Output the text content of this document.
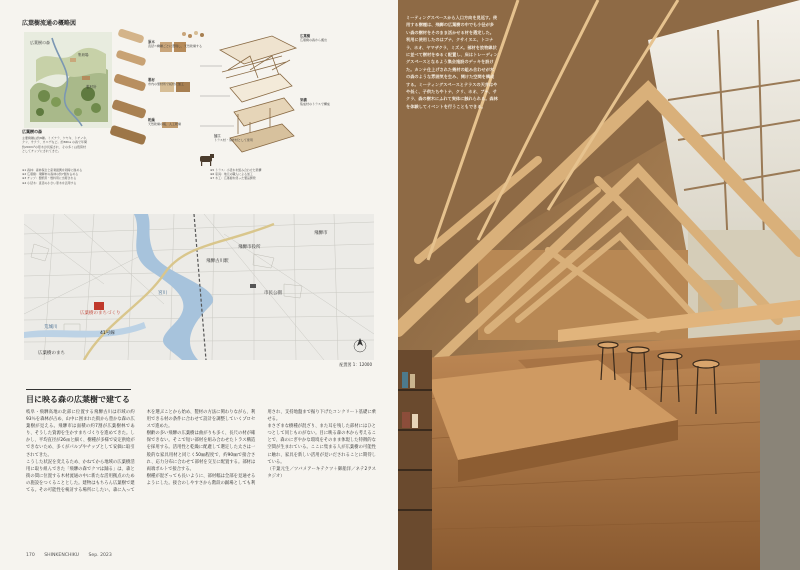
広葉樹流通の概略図
広葉樹の森
集荷場
製材所
広葉樹の森
主要樹種は約8種。ミズナラ、ケヤキ、トチノキ、
クリ、サクラ、カエデなど。約36ha の森で年間
約200m³の原木が伐採され、その多くは低質材
としてチップにされてきた。
原木
直径・樹種ごとに選別し、天然乾燥する
製材
市内の製材所で板材に加工
乾燥
天然乾燥の後、人工乾燥
加工
トラス材・造作材として使用
広葉樹
広葉樹の森から搬出
架構
集成材のトラスで構成
※1 森林：森林保全と産業振興を同時に進める
※2 広葉樹：飛騨市の森林の約7割を占める
※3 チップ：製紙用・燃料用に出荷される
※4 小径木：直径の小さい原木を活用する
※5 トラス：小径木を組み合わせた架構
※6 家具：地元の職人による加工
※7 木工：広葉樹を使った製品開発
飛騨市役所
飛騨古川駅
広葉樹のまちづくり
宮川
荒城川
41号線
市民公園
広葉樹のまち
飛騨市
配置図 1：12000
目に映る森の広葉樹で建てる

岐阜・飛騨高地の北部に位置する飛騨古川は市域の約93％を森林が占め、山中に囲まれた街から豊かな森の広葉樹が見える。飛騨市は面積の約7割が広葉樹林であり、そうした資源を生かすまちづくりを進めてきた。しかし、平均直径が26㎝と細く、樹種が多様で安定供給ができないため、多くがパルプやチップとして安価に取引されてきた。

こうした状況を変えるため、かねてから地域の広葉樹活用に取り組んできた「飛騨の森でクマは踊る」は、森と街の間に位置する木材流通の中に新たな活用拠点のための施設をつくることとした。建物はもちろん広葉樹で建てる。その可能性を検討する場所にしたい。森に入って木を選ぶことから始め、製材の方法に関わりながら、利用できる材の条件に合わせて設計を調整していくプロセスで進めた。

樹齢の多い飛騨の広葉樹は曲がりも多く、長尺の材が確保できない。そこで短い部材を組み合わせたトラス構造を採用する。活用性と乾燥に配慮して選定した太さは一般的な家具用材と同じく50㎜程度で、約90㎜で接合され、応力分布に合わせて部材を交互に配置する。部材は両端ボルトで接合する。

樹種が混ざっても長いように、部材幅は全部を見通せるようにした。接合のしやすさから階段の踊場としても利用され、支持地盤まで掘り下げたコンクリート基礎に乗せる。

まさざまな樹種が混ざり、また耳を残した部材にはひとつとして同じものがない。目に映る森の木から考えることで、森のにぎやかな環境をそのまま体現した特徴的な空間が生まれている。ここに集まる人が広葉樹の可能性に触れ、家具を新しい活用が見いだされることに期待している。

（千葉元生／ツバメアーキテクツ＋御船洋／ネテ2ヲスタジオ）

170 SHINKENCHIKU Sep. 2023
ミーティングスペースから入口方向を見返す。使用する樹種は、飛騨の広葉樹の中でも小径が多い森の樹材をそのまま活かせる材を選定した。利用に使用したのはブナ、クサイヌエ、トコナラ、ホオ、ヤマザクラ、ミズメ。部材を放物線状に並べて樹材をゆるく配置し、床はトレーディングスペースとなるよう集会施設のデッキを設けた。カンナ仕上げされた幾材の組み合わせが木の森のような雰囲気を生み、開けた空間を構成する。ミーティングスペースとテラスの天井はやや低く、子供たちやトナ、クリ、ホオ、ブナ、サクラ、森の樹木にふれて実体に触れられる。森林を体験してイベントを行うこともできる。
